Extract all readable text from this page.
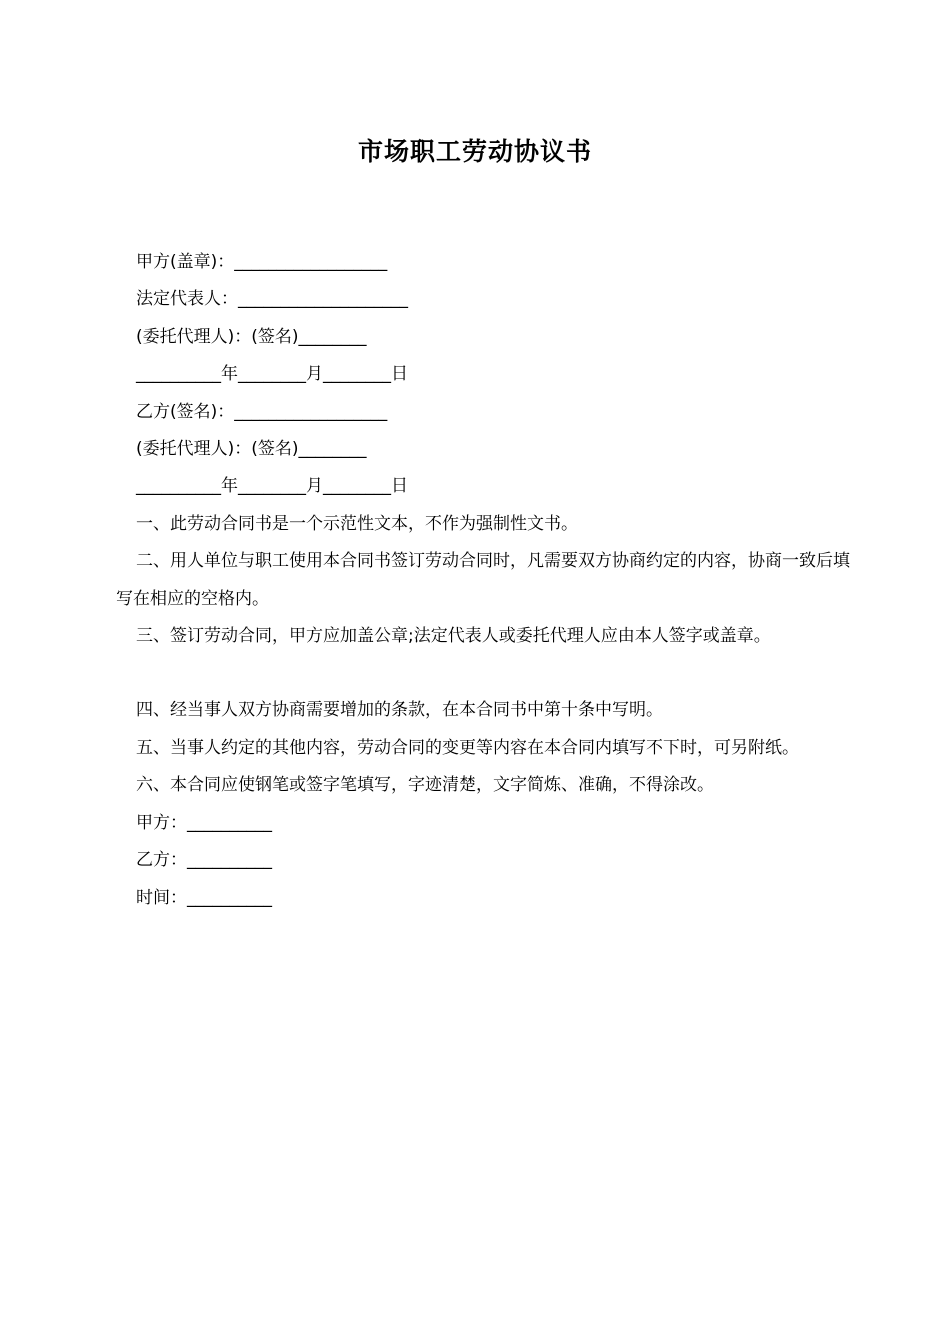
市场职工劳动协议书
甲方(盖章)：__________________
法定代表人：____________________
(委托代理人)：(签名)________
__________年________月________日
乙方(签名)：__________________
(委托代理人)：(签名)________
__________年________月________日
一、此劳动合同书是一个示范性文本，不作为强制性文书。
二、用人单位与职工使用本合同书签订劳动合同时，凡需要双方协商约定的内容，协商一致后填写在相应的空格内。
三、签订劳动合同，甲方应加盖公章;法定代表人或委托代理人应由本人签字或盖章。
四、经当事人双方协商需要增加的条款，在本合同书中第十条中写明。
五、当事人约定的其他内容，劳动合同的变更等内容在本合同内填写不下时，可另附纸。
六、本合同应使钢笔或签字笔填写，字迹清楚，文字简炼、准确，不得涂改。
甲方：__________
乙方：__________
时间：__________
